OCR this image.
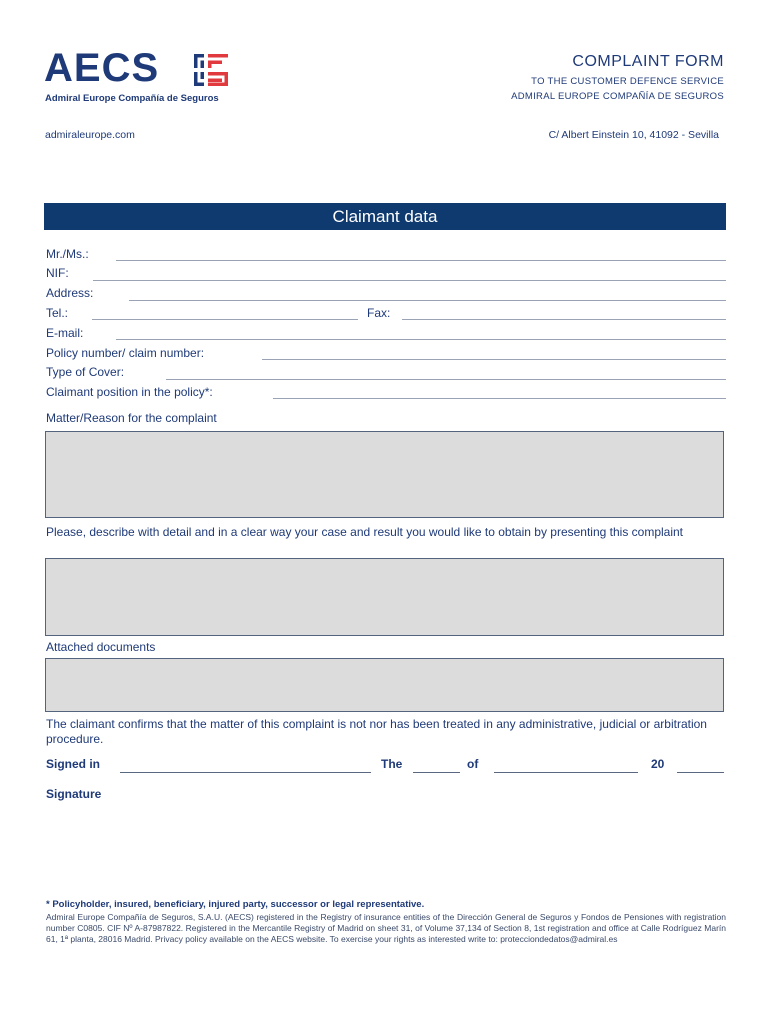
AECS
Admiral Europe Compañía de Seguros
COMPLAINT FORM
TO THE CUSTOMER DEFENCE SERVICE
ADMIRAL EUROPE COMPAÑÍA DE SEGUROS
admiraleurope.com	C/ Albert Einstein 10, 41092 - Sevilla
Claimant data
Mr./Ms.:
NIF:
Address:
Tel.:	Fax:
E-mail:
Policy number/ claim number:
Type of Cover:
Claimant position in the policy*:
Matter/Reason for the complaint
Please, describe with detail and in a clear way your case and result you would like to obtain by presenting this complaint
Attached documents
The claimant confirms that the matter of this complaint is not nor has been treated in any administrative, judicial or arbitration procedure.
Signed in	The	of	20
Signature
* Policyholder, insured, beneficiary, injured party, successor or legal representative.
Admiral Europe Compañía de Seguros, S.A.U. (AECS) registered in the Registry of insurance entities of the Dirección General de Seguros y Fondos de Pensiones with registration number C0805. CIF Nº A-87987822. Registered in the Mercantile Registry of Madrid on sheet 31, of Volume 37,134 of Section 8, 1st registration and office at Calle Rodríguez Marín 61, 1ª planta, 28016 Madrid. Privacy policy available on the AECS website. To exercise your rights as interested write to: protecciondedatos@admiral.es
